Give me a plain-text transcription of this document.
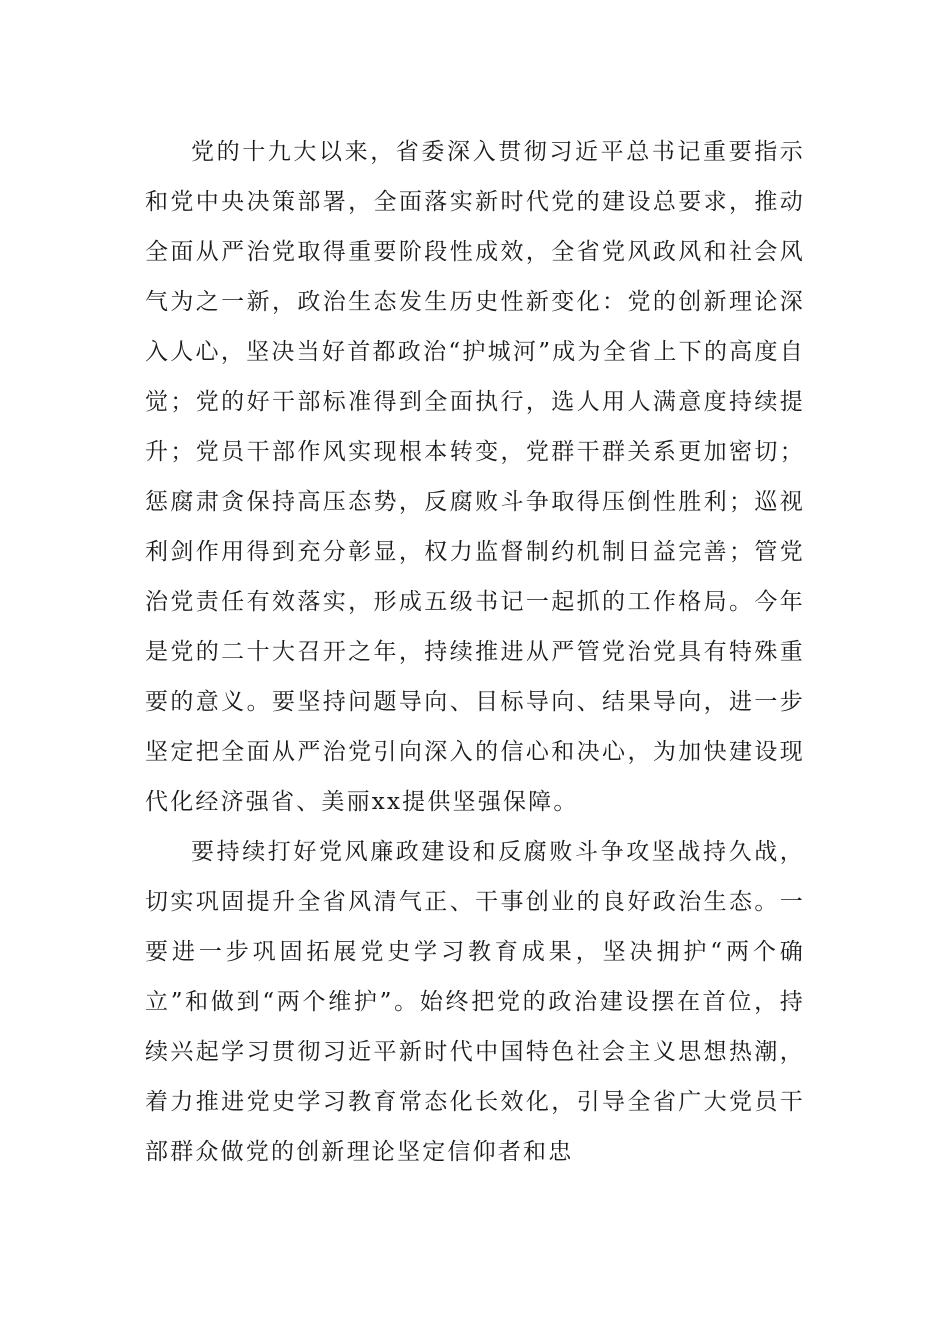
党的十九大以来，省委深入贯彻习近平总书记重要指示和党中央决策部署，全面落实新时代党的建设总要求，推动全面从严治党取得重要阶段性成效，全省党风政风和社会风气为之一新，政治生态发生历史性新变化：党的创新理论深入人心，坚决当好首都政治“护城河”成为全省上下的高度自觉；党的好干部标准得到全面执行，选人用人满意度持续提升；党员干部作风实现根本转变，党群干群关系更加密切；惩腐肃贪保持高压态势，反腐败斗争取得压倒性胜利；巡视利剑作用得到充分彰显，权力监督制约机制日益完善；管党治党责任有效落实，形成五级书记一起抓的工作格局。今年是党的二十大召开之年，持续推进从严管党治党具有特殊重要的意义。要坚持问题导向、目标导向、结果导向，进一步坚定把全面从严治党引向深入的信心和决心，为加快建设现代化经济强省、美丽xx提供坚强保障。

要持续打好党风廉政建设和反腐败斗争攻坚战持久战，切实巩固提升全省风清气正、干事创业的良好政治生态。一要进一步巩固拓展党史学习教育成果，坚决拥护“两个确立”和做到“两个维护”。始终把党的政治建设摆在首位，持续兴起学习贯彻习近平新时代中国特色社会主义思想热潮，着力推进党史学习教育常态化长效化，引导全省广大党员干部群众做党的创新理论坚定信仰者和忠
